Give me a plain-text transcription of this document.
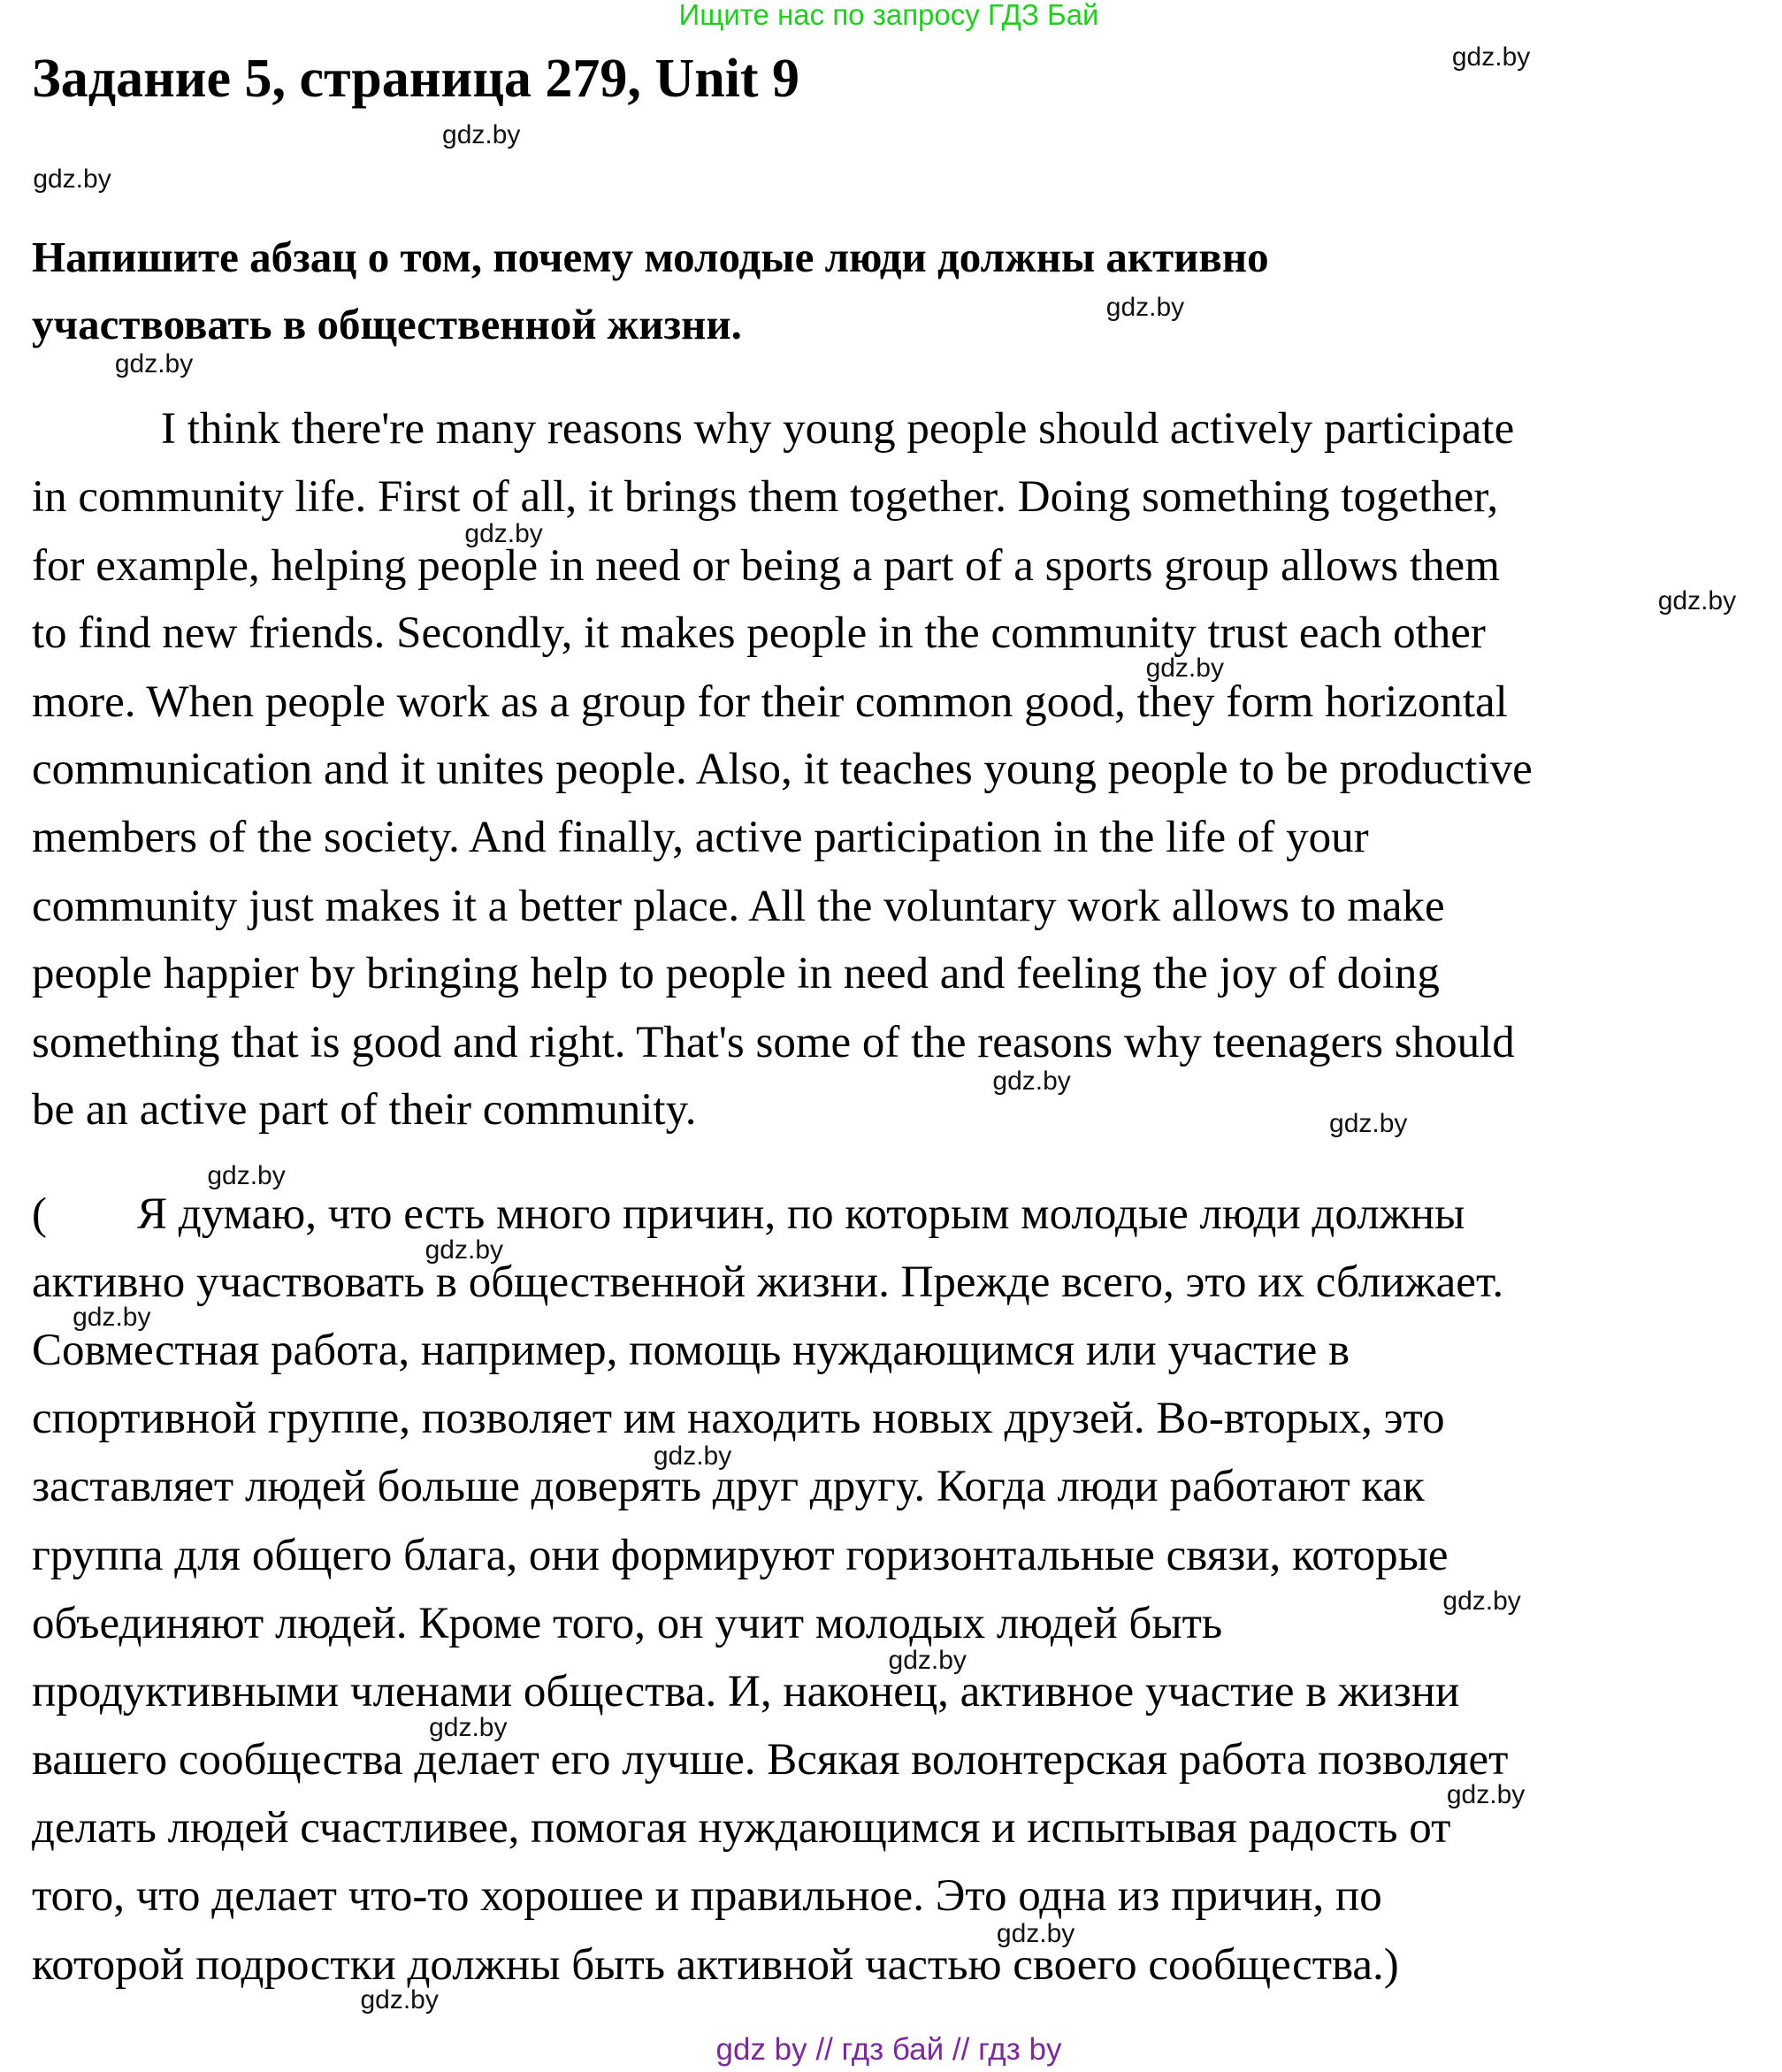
Ищите нас по запросу ГДЗ Бай
Задание 5, страница 279, Unit 9
Напишите абзац о том, почему молодые люди должны активно
участвовать в общественной жизни.
I think there're many reasons why young people should actively participate
in community life. First of all, it brings them together. Doing something together,
for example, helping people in need or being a part of a sports group allows them
to find new friends. Secondly, it makes people in the community trust each other
more. When people work as a group for their common good, they form horizontal
communication and it unites people. Also, it teaches young people to be productive
members of the society. And finally, active participation in the life of your
community just makes it a better place. All the voluntary work allows to make
people happier by bringing help to people in need and feeling the joy of doing
something that is good and right. That's some of the reasons why teenagers should
be an active part of their community.
(        Я думаю, что есть много причин, по которым молодые люди должны
активно участвовать в общественной жизни. Прежде всего, это их сближает.
Совместная работа, например, помощь нуждающимся или участие в
спортивной группе, позволяет им находить новых друзей. Во-вторых, это
заставляет людей больше доверять друг другу. Когда люди работают как
группа для общего блага, они формируют горизонтальные связи, которые
объединяют людей. Кроме того, он учит молодых людей быть
продуктивными членами общества. И, наконец, активное участие в жизни
вашего сообщества делает его лучше. Всякая волонтерская работа позволяет
делать людей счастливее, помогая нуждающимся и испытывая радость от
того, что делает что-то хорошее и правильное. Это одна из причин, по
которой подростки должны быть активной частью своего сообщества.)
gdz.by
gdz.by
gdz.by
gdz.by
gdz.by
gdz.by
gdz.by
gdz.by
gdz.by
gdz.by
gdz.by
gdz.by
gdz.by
gdz.by
gdz.by
gdz.by
gdz.by
gdz.by
gdz.by
gdz.by
gdz by // гдз бай // гдз by
